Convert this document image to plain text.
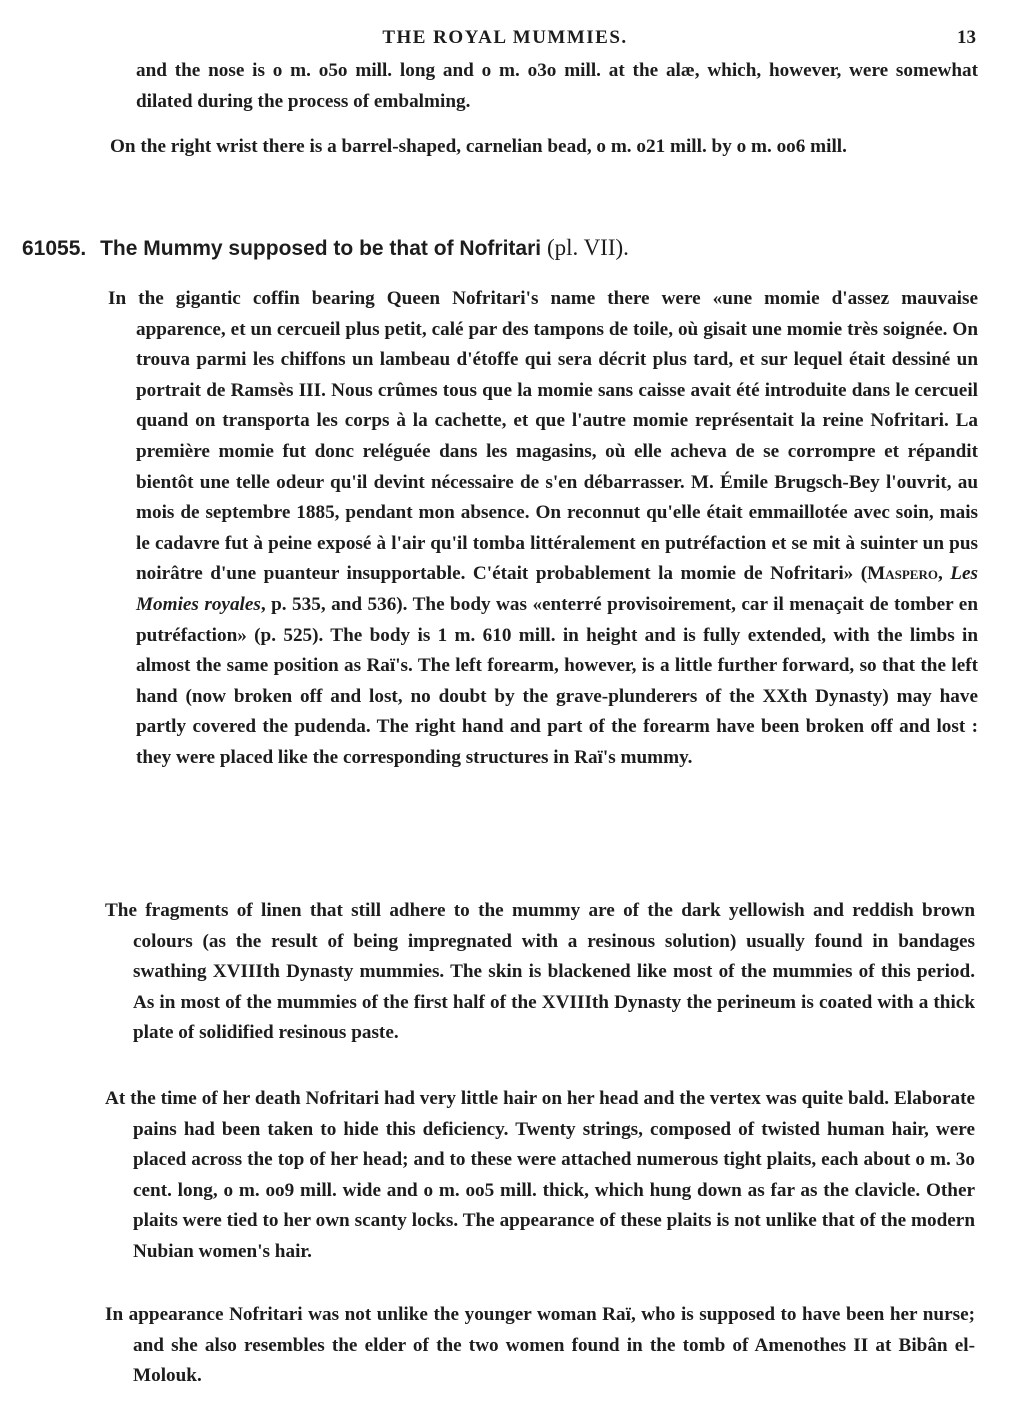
THE ROYAL MUMMIES.	13

and the nose is o m. o5o mill. long and o m. o3o mill. at the alæ, which, however, were somewhat dilated during the process of embalming.

On the right wrist there is a barrel-shaped, carnelian bead, o m. o21 mill. by o m. oo6 mill.

61055. The Mummy supposed to be that of Nofritari (pl. VII).

In the gigantic coffin bearing Queen Nofritari's name there were «une momie d'assez mauvaise apparence, et un cercueil plus petit, calé par des tampons de toile, où gisait une momie très soignée. On trouva parmi les chiffons un lambeau d'étoffe qui sera décrit plus tard, et sur lequel était dessiné un portrait de Ramsès III. Nous crûmes tous que la momie sans caisse avait été introduite dans le cercueil quand on transporta les corps à la cachette, et que l'autre momie représentait la reine Nofritari. La première momie fut donc reléguée dans les magasins, où elle acheva de se corrompre et répandit bientôt une telle odeur qu'il devint nécessaire de s'en débarrasser. M. Émile Brugsch-Bey l'ouvrit, au mois de septembre 1885, pendant mon absence. On reconnut qu'elle était emmaillotée avec soin, mais le cadavre fut à peine exposé à l'air qu'il tomba littéralement en putréfaction et se mit à suinter un pus noirâtre d'une puanteur insupportable. C'était probablement la momie de Nofritari» (Maspero, Les Momies royales, p. 535, and 536). The body was «enterré provisoirement, car il menaçait de tomber en putréfaction» (p. 525). The body is 1 m. 610 mill. in height and is fully extended, with the limbs in almost the same position as Raï's. The left forearm, however, is a little further forward, so that the left hand (now broken off and lost, no doubt by the grave-plunderers of the XXth Dynasty) may have partly covered the pudenda. The right hand and part of the forearm have been broken off and lost : they were placed like the corresponding structures in Raï's mummy.

The fragments of linen that still adhere to the mummy are of the dark yellowish and reddish brown colours (as the result of being impregnated with a resinous solution) usually found in bandages swathing XVIIIth Dynasty mummies. The skin is blackened like most of the mummies of this period. As in most of the mummies of the first half of the XVIIIth Dynasty the perineum is coated with a thick plate of solidified resinous paste.

At the time of her death Nofritari had very little hair on her head and the vertex was quite bald. Elaborate pains had been taken to hide this deficiency. Twenty strings, composed of twisted human hair, were placed across the top of her head; and to these were attached numerous tight plaits, each about o m. 3o cent. long, o m. oo9 mill. wide and o m. oo5 mill. thick, which hung down as far as the clavicle. Other plaits were tied to her own scanty locks. The appearance of these plaits is not unlike that of the modern Nubian women's hair.

In appearance Nofritari was not unlike the younger woman Raï, who is supposed to have been her nurse; and she also resembles the elder of the two women found in the tomb of Amenothes II at Bibân el-Molouk.
